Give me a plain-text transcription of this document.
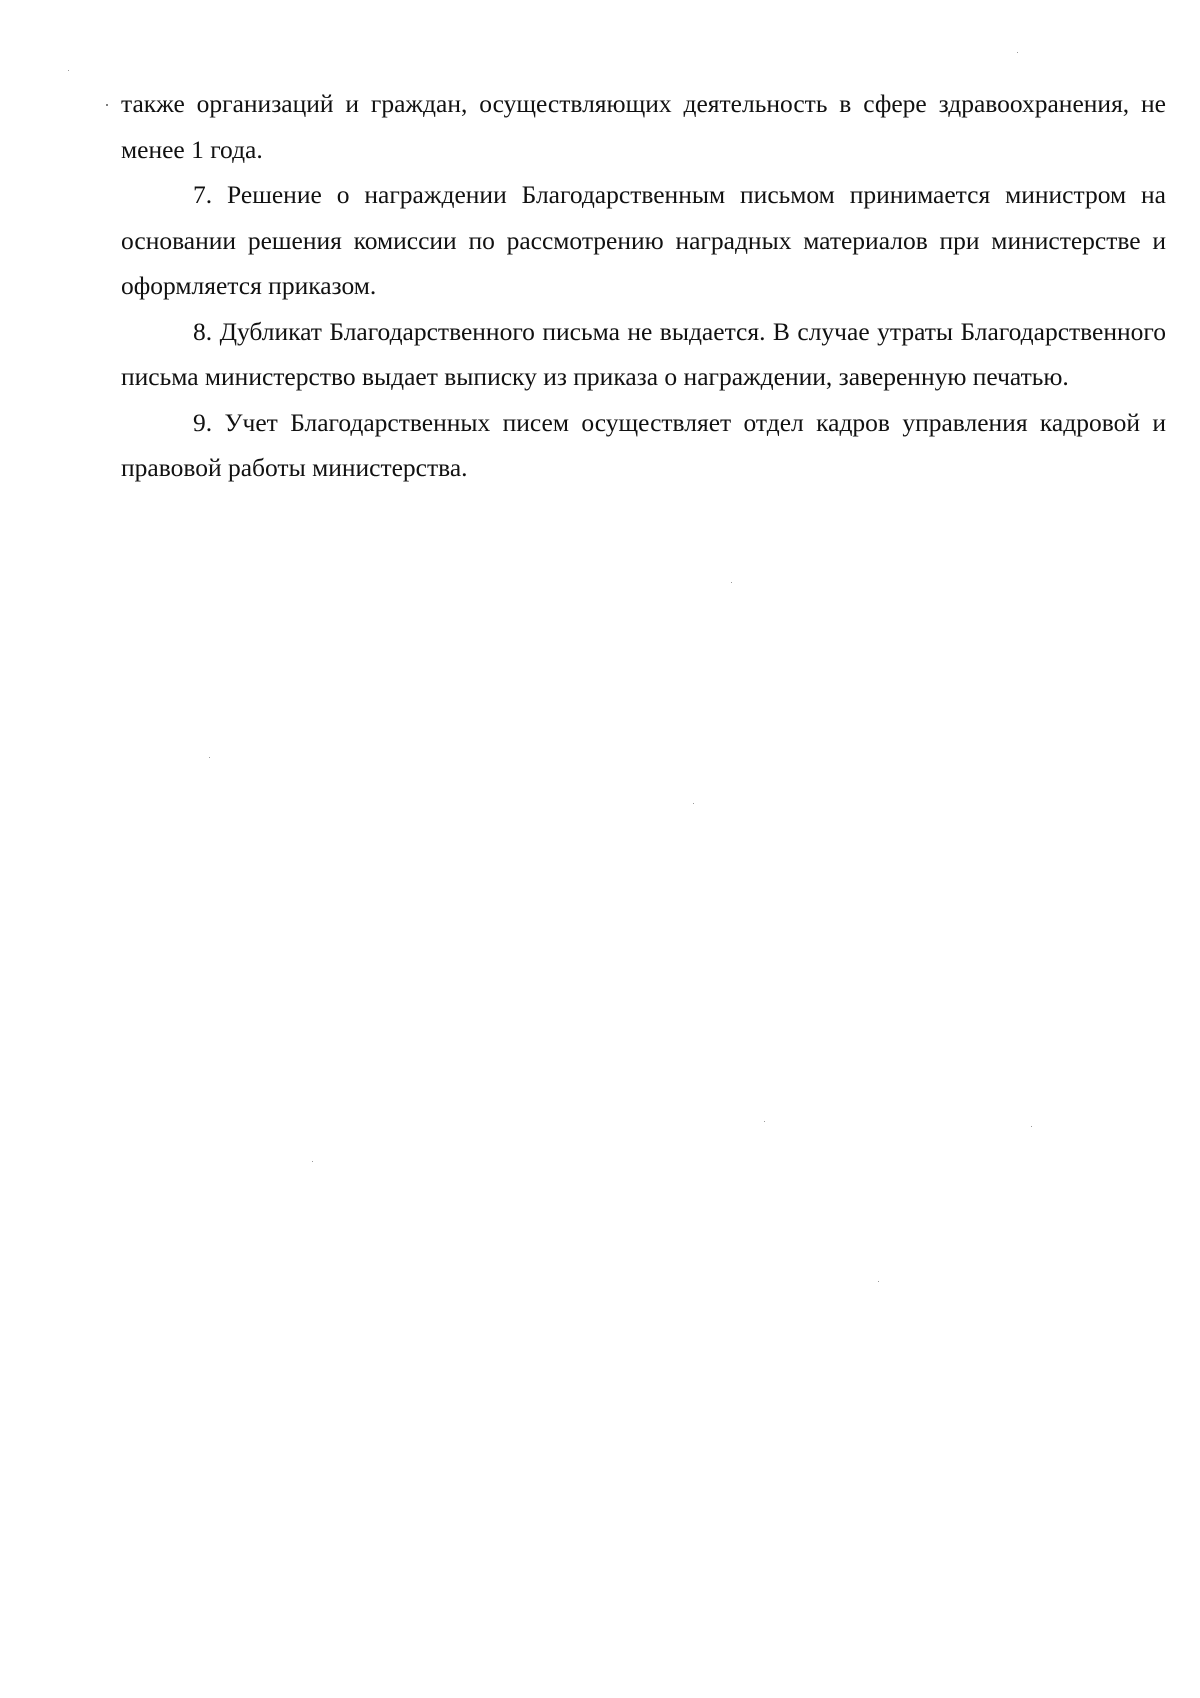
также организаций и граждан, осуществляющих деятельность в сфере здравоохранения, не менее 1 года.

7. Решение о награждении Благодарственным письмом принимается министром на основании решения комиссии по рассмотрению наградных материалов при министерстве и оформляется приказом.

8. Дубликат Благодарственного письма не выдается. В случае утраты Благодарственного письма министерство выдает выписку из приказа о награждении, заверенную печатью.

9. Учет Благодарственных писем осуществляет отдел кадров управления кадровой и правовой работы министерства.
